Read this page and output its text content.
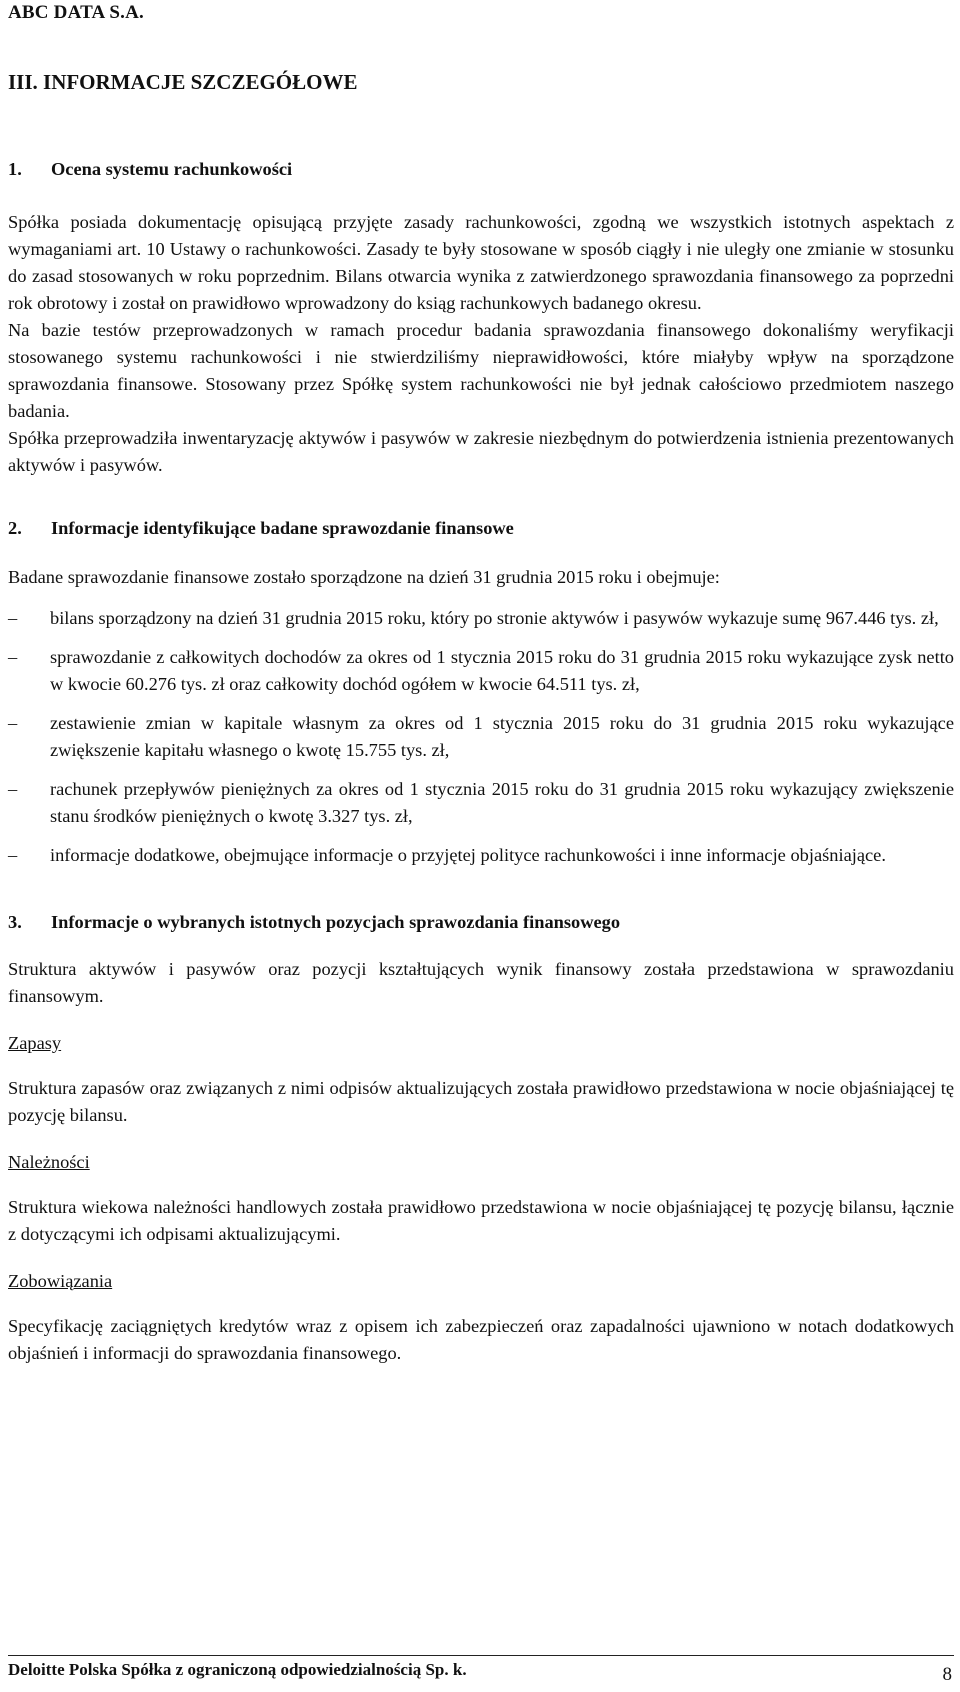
ABC DATA S.A.
III. INFORMACJE SZCZEGÓŁOWE
1.	Ocena systemu rachunkowości

Spółka posiada dokumentację opisującą przyjęte zasady rachunkowości, zgodną we wszystkich istotnych aspektach z wymaganiami art. 10 Ustawy o rachunkowości. Zasady te były stosowane w sposób ciągły i nie uległy one zmianie w stosunku do zasad stosowanych w roku poprzednim. Bilans otwarcia wynika z zatwierdzonego sprawozdania finansowego za poprzedni rok obrotowy i został on prawidłowo wprowadzony do ksiąg rachunkowych badanego okresu.

Na bazie testów przeprowadzonych w ramach procedur badania sprawozdania finansowego dokonaliśmy weryfikacji stosowanego systemu rachunkowości i nie stwierdziliśmy nieprawidłowości, które miałyby wpływ na sporządzone sprawozdania finansowe. Stosowany przez Spółkę system rachunkowości nie był jednak całościowo przedmiotem naszego badania.

Spółka przeprowadziła inwentaryzację aktywów i pasywów w zakresie niezbędnym do potwierdzenia istnienia prezentowanych aktywów i pasywów.

2.	Informacje identyfikujące badane sprawozdanie finansowe

Badane sprawozdanie finansowe zostało sporządzone na dzień 31 grudnia 2015 roku i obejmuje:

–	bilans sporządzony na dzień 31 grudnia 2015 roku, który po stronie aktywów i pasywów wykazuje sumę 967.446 tys. zł,
–	sprawozdanie z całkowitych dochodów za okres od 1 stycznia 2015 roku do 31 grudnia 2015 roku wykazujące zysk netto w kwocie 60.276 tys. zł oraz całkowity dochód ogółem w kwocie 64.511 tys. zł,
–	zestawienie zmian w kapitale własnym za okres od 1 stycznia 2015 roku do 31 grudnia 2015 roku wykazujące zwiększenie kapitału własnego o kwotę 15.755 tys. zł,
–	rachunek przepływów pieniężnych za okres od 1 stycznia 2015 roku do 31 grudnia 2015 roku wykazujący zwiększenie stanu środków pieniężnych o kwotę 3.327 tys. zł,
–	informacje dodatkowe, obejmujące informacje o przyjętej polityce rachunkowości i inne informacje objaśniające.
3.	Informacje o wybranych istotnych pozycjach sprawozdania finansowego

Struktura aktywów i pasywów oraz pozycji kształtujących wynik finansowy została przedstawiona w sprawozdaniu finansowym.

Zapasy

Struktura zapasów oraz związanych z nimi odpisów aktualizujących została prawidłowo przedstawiona w nocie objaśniającej tę pozycję bilansu.

Należności

Struktura wiekowa należności handlowych została prawidłowo przedstawiona w nocie objaśniającej tę pozycję bilansu, łącznie z dotyczącymi ich odpisami aktualizującymi.

Zobowiązania

Specyfikację zaciągniętych kredytów wraz z opisem ich zabezpieczeń oraz zapadalności ujawniono w notach dodatkowych objaśnień i informacji do sprawozdania finansowego.

Deloitte Polska Spółka z ograniczoną odpowiedzialnością Sp. k.	8
